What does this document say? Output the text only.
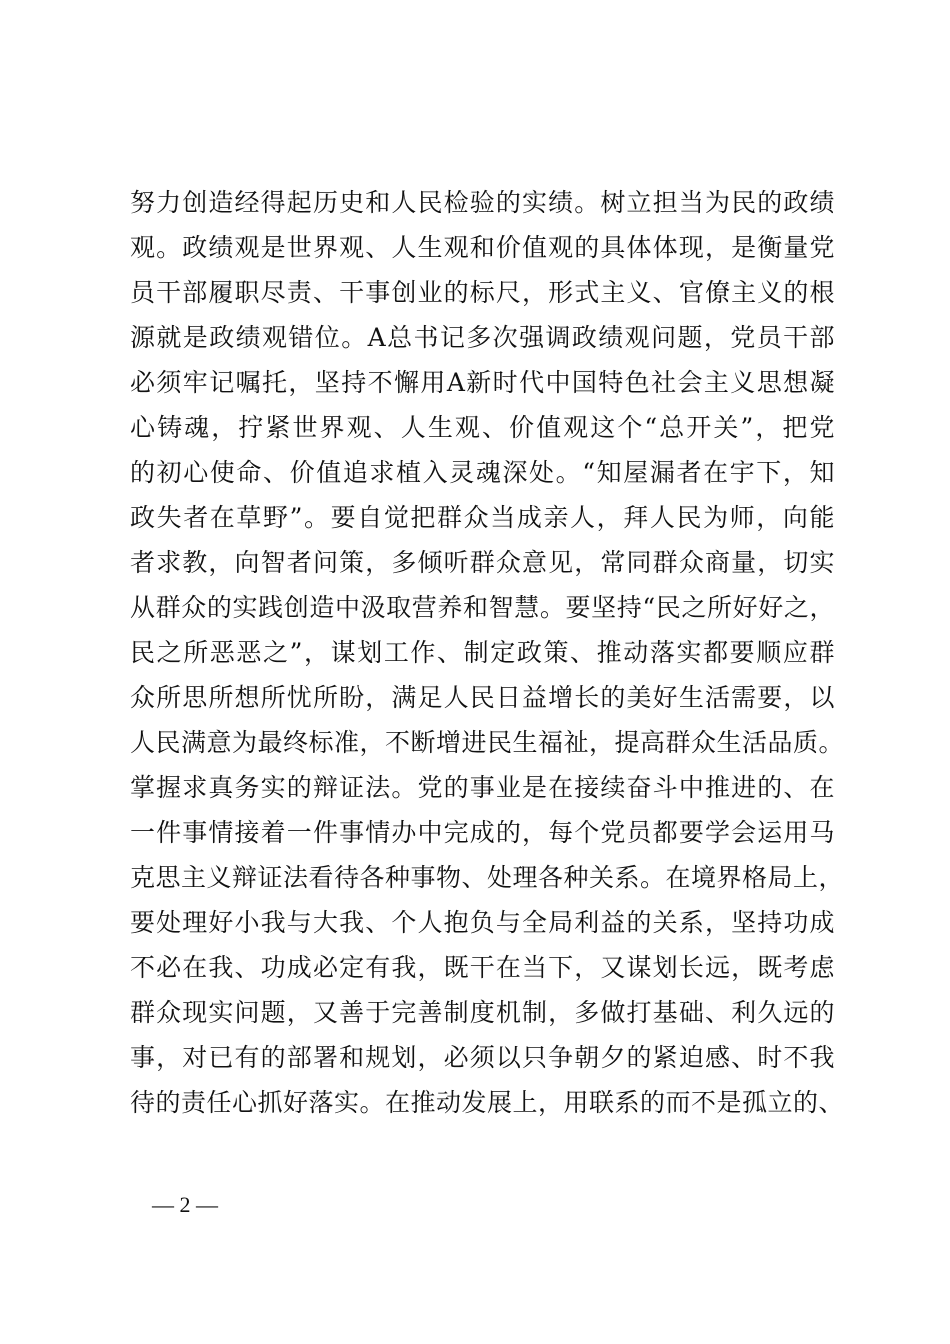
努力创造经得起历史和人民检验的实绩。树立担当为民的政绩
观。政绩观是世界观、人生观和价值观的具体体现，是衡量党
员干部履职尽责、干事创业的标尺，形式主义、官僚主义的根
源就是政绩观错位。A总书记多次强调政绩观问题，党员干部
必须牢记嘱托，坚持不懈用A新时代中国特色社会主义思想凝
心铸魂，拧紧世界观、人生观、价值观这个“总开关”，把党
的初心使命、价值追求植入灵魂深处。“知屋漏者在宇下，知
政失者在草野”。要自觉把群众当成亲人，拜人民为师，向能
者求教，向智者问策，多倾听群众意见，常同群众商量，切实
从群众的实践创造中汲取营养和智慧。要坚持“民之所好好之，
民之所恶恶之”，谋划工作、制定政策、推动落实都要顺应群
众所思所想所忧所盼，满足人民日益增长的美好生活需要，以
人民满意为最终标准，不断增进民生福祉，提高群众生活品质。
掌握求真务实的辩证法。党的事业是在接续奋斗中推进的、在
一件事情接着一件事情办中完成的，每个党员都要学会运用马
克思主义辩证法看待各种事物、处理各种关系。在境界格局上，
要处理好小我与大我、个人抱负与全局利益的关系，坚持功成
不必在我、功成必定有我，既干在当下，又谋划长远，既考虑
群众现实问题，又善于完善制度机制，多做打基础、利久远的
事，对已有的部署和规划，必须以只争朝夕的紧迫感、时不我
待的责任心抓好落实。在推动发展上，用联系的而不是孤立的、
— 2 —
